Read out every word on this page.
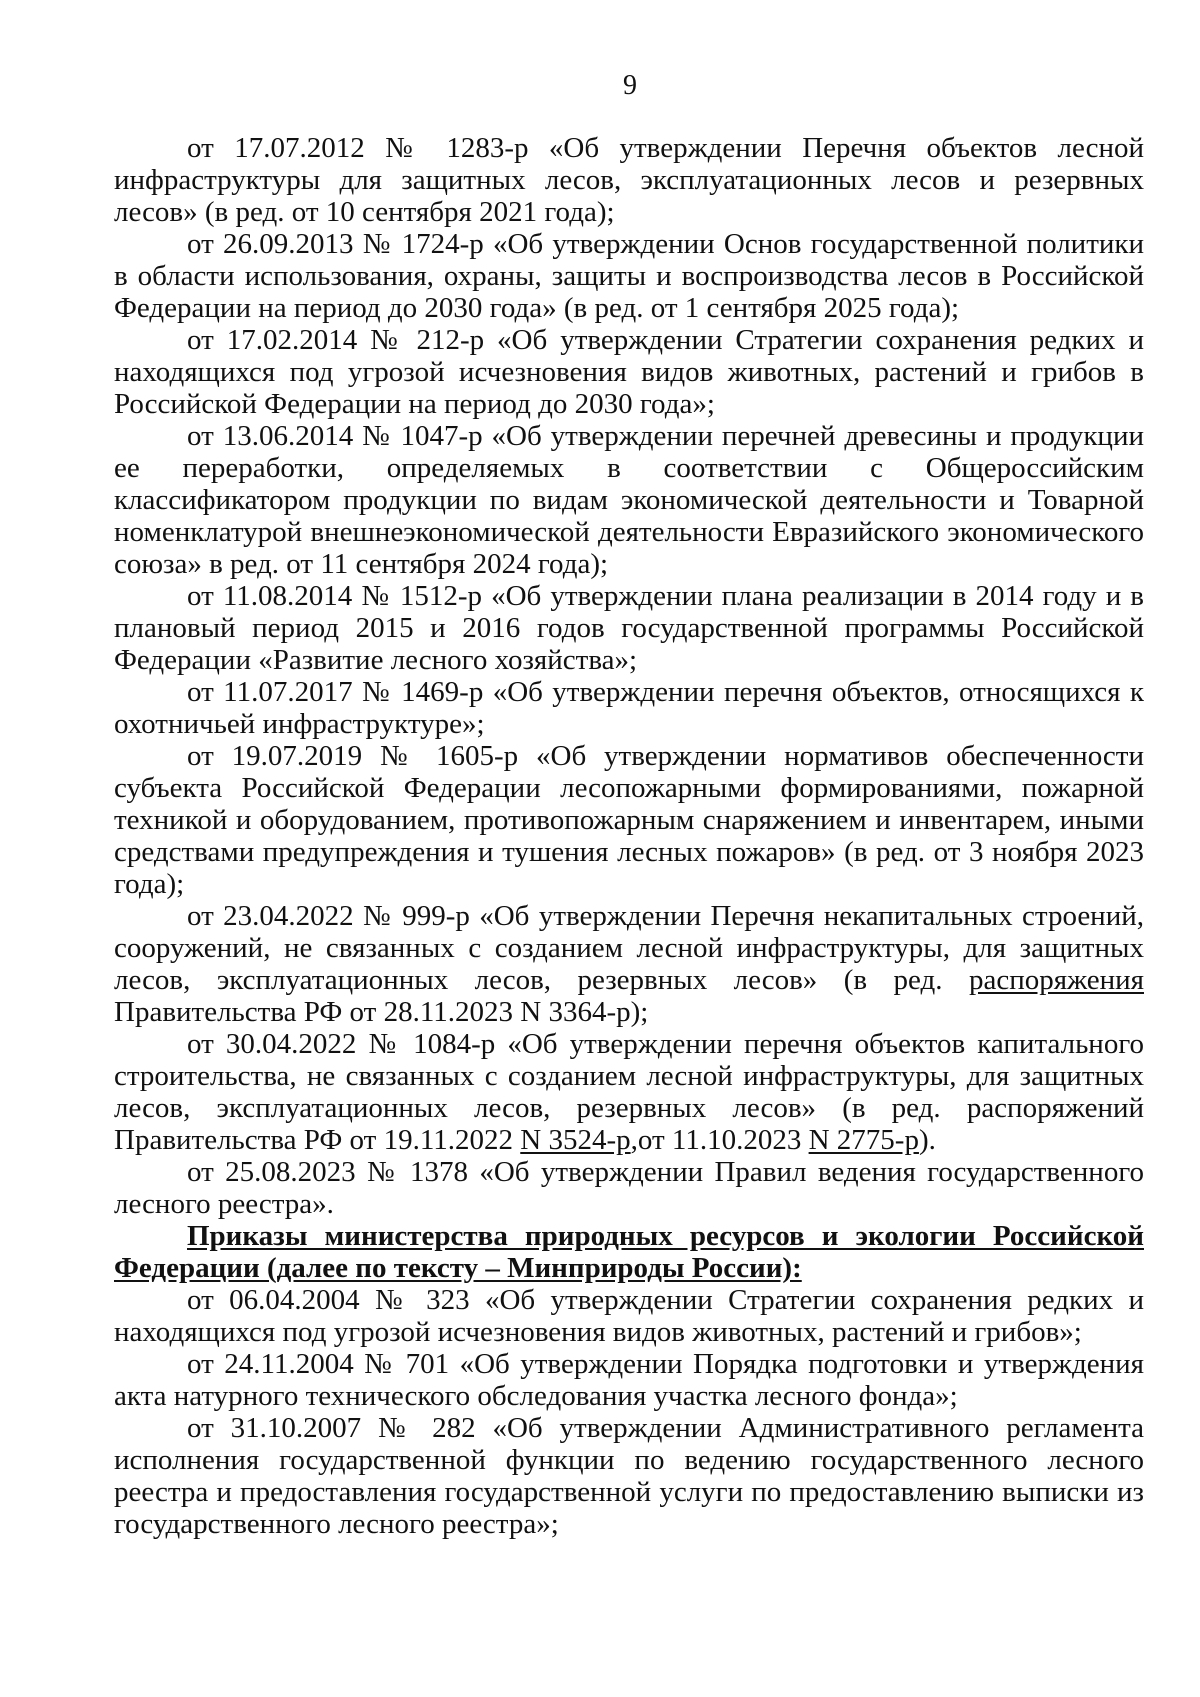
9

от 17.07.2012 № 1283-р «Об утверждении Перечня объектов лесной инфраструктуры для защитных лесов, эксплуатационных лесов и резервных лесов» (в ред. от 10 сентября 2021 года);

от 26.09.2013 № 1724-р «Об утверждении Основ государственной политики в области использования, охраны, защиты и воспроизводства лесов в Российской Федерации на период до 2030 года» (в ред. от 1 сентября 2025 года);

от 17.02.2014 № 212-р «Об утверждении Стратегии сохранения редких и находящихся под угрозой исчезновения видов животных, растений и грибов в Российской Федерации на период до 2030 года»;

от 13.06.2014 № 1047-р «Об утверждении перечней древесины и продукции ее переработки, определяемых в соответствии с Общероссийским классификатором продукции по видам экономической деятельности и Товарной номенклатурой внешнеэкономической деятельности Евразийского экономического союза» в ред. от 11 сентября 2024 года);

от 11.08.2014 № 1512-р «Об утверждении плана реализации в 2014 году и в плановый период 2015 и 2016 годов государственной программы Российской Федерации «Развитие лесного хозяйства»;

от 11.07.2017 № 1469-р «Об утверждении перечня объектов, относящихся к охотничьей инфраструктуре»;

от 19.07.2019 № 1605-р «Об утверждении нормативов обеспеченности субъекта Российской Федерации лесопожарными формированиями, пожарной техникой и оборудованием, противопожарным снаряжением и инвентарем, иными средствами предупреждения и тушения лесных пожаров» (в ред. от 3 ноября 2023 года);

от 23.04.2022 № 999-р «Об утверждении Перечня некапитальных строений, сооружений, не связанных с созданием лесной инфраструктуры, для защитных лесов, эксплуатационных лесов, резервных лесов» (в ред. распоряжения Правительства РФ от 28.11.2023 N 3364-р);

от 30.04.2022 № 1084-р «Об утверждении перечня объектов капитального строительства, не связанных с созданием лесной инфраструктуры, для защитных лесов, эксплуатационных лесов, резервных лесов» (в ред. распоряжений Правительства РФ от 19.11.2022 N 3524-р,от 11.10.2023 N 2775-р).

от 25.08.2023 № 1378 «Об утверждении Правил ведения государственного лесного реестра».

Приказы министерства природных ресурсов и экологии Российской Федерации (далее по тексту – Минприроды России):

от 06.04.2004 № 323 «Об утверждении Стратегии сохранения редких и находящихся под угрозой исчезновения видов животных, растений и грибов»;

от 24.11.2004 № 701 «Об утверждении Порядка подготовки и утверждения акта натурного технического обследования участка лесного фонда»;

от 31.10.2007 № 282 «Об утверждении Административного регламента исполнения государственной функции по ведению государственного лесного реестра и предоставления государственной услуги по предоставлению выписки из государственного лесного реестра»;
